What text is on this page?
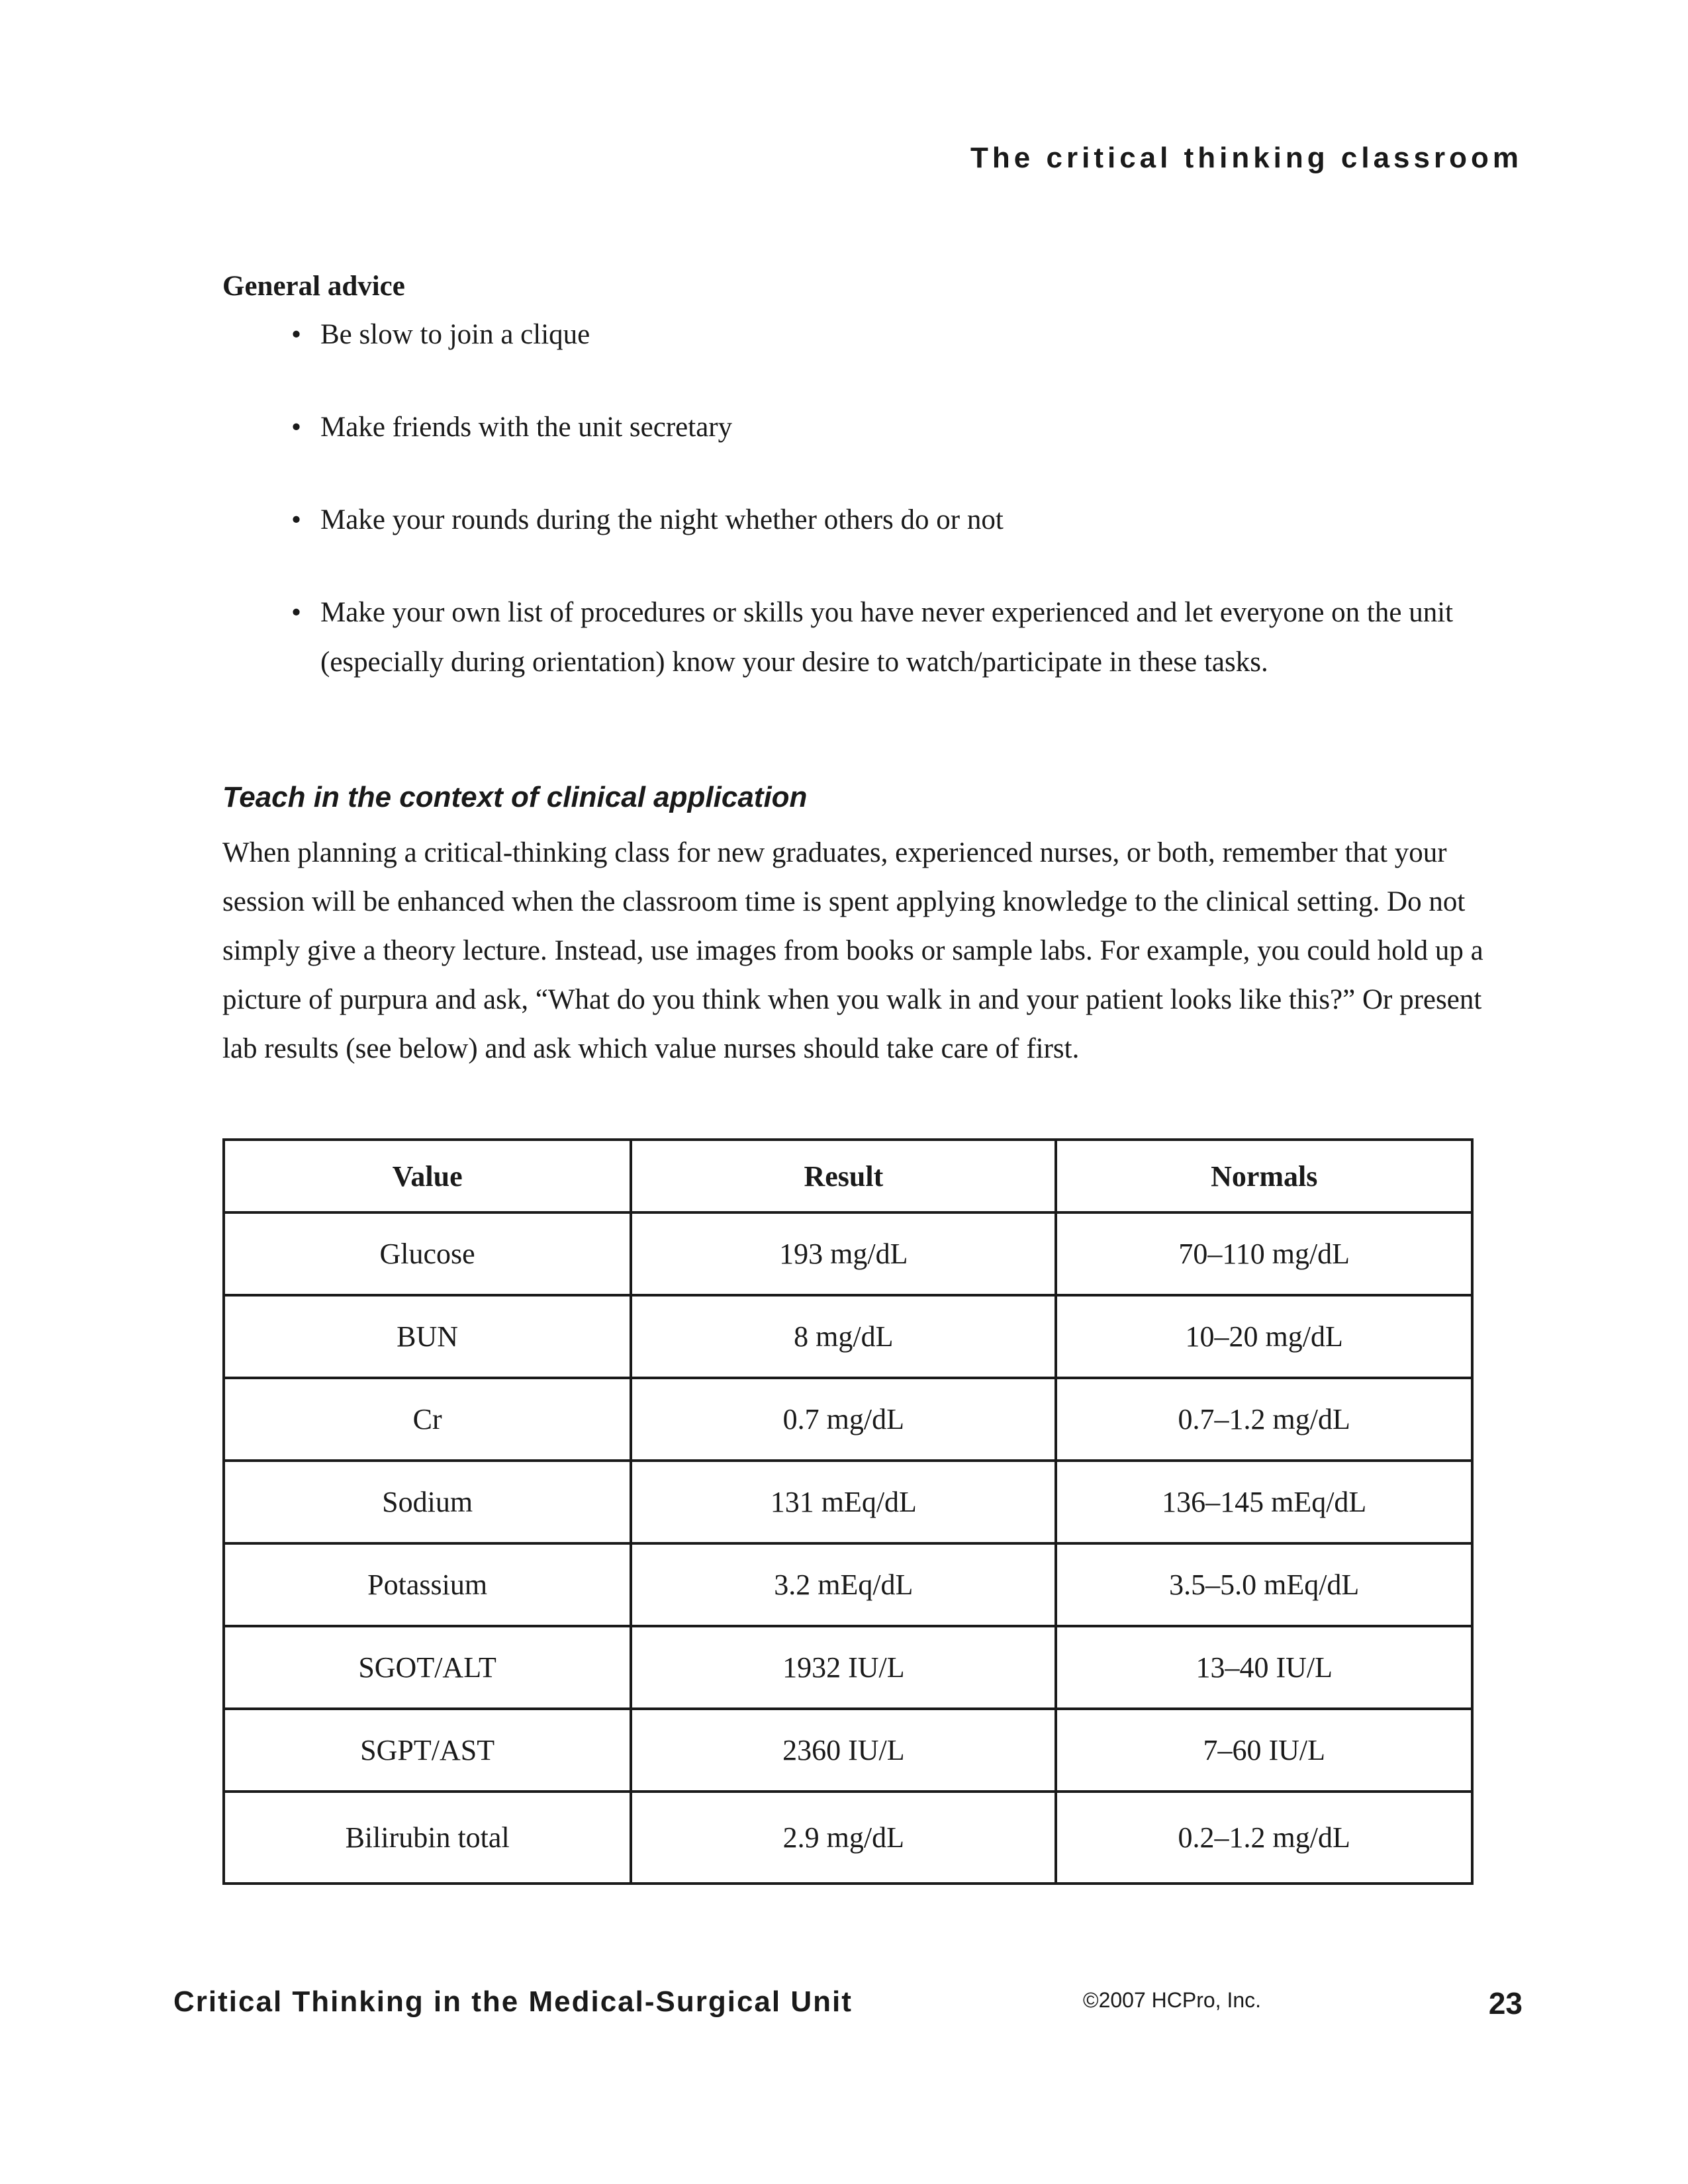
The critical thinking classroom

General advice

• Be slow to join a clique
• Make friends with the unit secretary
• Make your rounds during the night whether others do or not
• Make your own list of procedures or skills you have never experienced and let everyone on the unit (especially during orientation) know your desire to watch/participate in these tasks.
Teach in the context of clinical application

When planning a critical-thinking class for new graduates, experienced nurses, or both, remember that your session will be enhanced when the classroom time is spent applying knowledge to the clinical setting. Do not simply give a theory lecture. Instead, use images from books or sample labs. For example, you could hold up a picture of purpura and ask, “What do you think when you walk in and your patient looks like this?” Or present lab results (see below) and ask which value nurses should take care of first.

Value	Result	Normals
Glucose	193 mg/dL	70–110 mg/dL
BUN	8 mg/dL	10–20 mg/dL
Cr	0.7 mg/dL	0.7–1.2 mg/dL
Sodium	131 mEq/dL	136–145 mEq/dL
Potassium	3.2 mEq/dL	3.5–5.0 mEq/dL
SGOT/ALT	1932 IU/L	13–40 IU/L
SGPT/AST	2360 IU/L	7–60 IU/L
Bilirubin total	2.9 mg/dL	0.2–1.2 mg/dL

Critical Thinking in the Medical-Surgical Unit	©2007 HCPro, Inc.	23
